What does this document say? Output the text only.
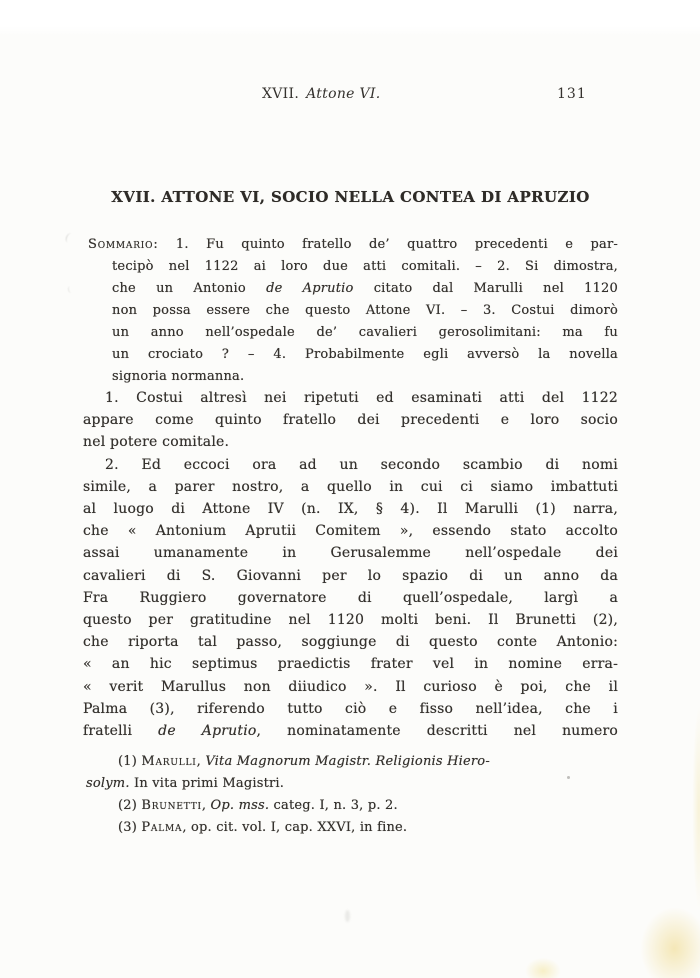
XVII. Attone VI.	131
XVII. ATTONE VI, SOCIO NELLA CONTEA DI APRUZIO
Sommario: 1. Fu quinto fratello de’ quattro precedenti e par-
tecipò nel 1122 ai loro due atti comitali. – 2. Si dimostra,
che un Antonio de Aprutio citato dal Marulli nel 1120
non possa essere che questo Attone VI. – 3. Costui dimorò
un anno nell’ospedale de’ cavalieri gerosolimitani: ma fu
un crociato ? – 4. Probabilmente egli avversò la novella
signoria normanna.
1. Costui altresì nei ripetuti ed esaminati atti del 1122
appare come quinto fratello dei precedenti e loro socio
nel potere comitale.
2. Ed eccoci ora ad un secondo scambio di nomi
simile, a parer nostro, a quello in cui ci siamo imbattuti
al luogo di Attone IV (n. IX, § 4). Il Marulli (1) narra,
che « Antonium Aprutii Comitem », essendo stato accolto
assai umanamente in Gerusalemme nell’ospedale dei
cavalieri di S. Giovanni per lo spazio di un anno da
Fra Ruggiero governatore di quell’ospedale, largì a
questo per gratitudine nel 1120 molti beni. Il Brunetti (2),
che riporta tal passo, soggiunge di questo conte Antonio:
« an hic septimus praedictis frater vel in nomine erra-
« verit Marullus non diiudico ». Il curioso è poi, che il
Palma (3), riferendo tutto ciò e fisso nell’idea, che i
fratelli de Aprutio, nominatamente descritti nel numero
(1) Marulli, Vita Magnorum Magistr. Religionis Hiero-
solym. In vita primi Magistri.
(2) Brunetti, Op. mss. categ. I, n. 3, p. 2.
(3) Palma, op. cit. vol. I, cap. XXVI, in fine.
